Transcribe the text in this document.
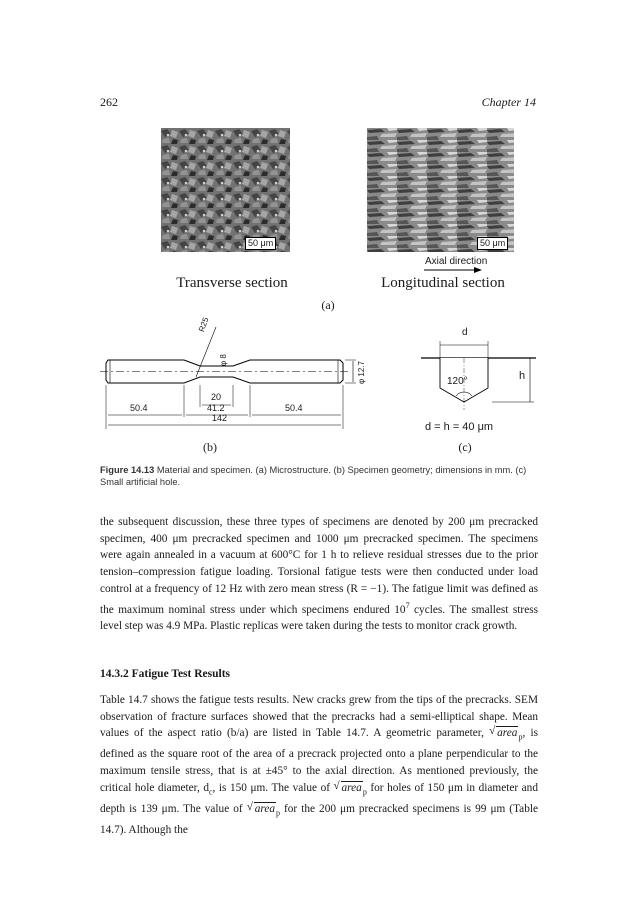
262	Chapter 14
50 μm	50 μm
Axial direction
Transverse section	Longitudinal section
(a)
R25
φ 8
φ 12.7
20
41.2
50.4	50.4
142
(b)
d
h
120°
d = h = 40 μm
(c)
Figure 14.13 Material and specimen. (a) Microstructure. (b) Specimen geometry; dimensions in mm. (c) Small artificial hole.

the subsequent discussion, these three types of specimens are denoted by 200 μm precracked specimen, 400 μm precracked specimen and 1000 μm precracked specimen. The specimens were again annealed in a vacuum at 600°C for 1 h to relieve residual stresses due to the prior tension–compression fatigue loading. Torsional fatigue tests were then conducted under load control at a frequency of 12 Hz with zero mean stress (R = −1). The fatigue limit was defined as the maximum nominal stress under which specimens endured $10^7$ cycles. The smallest stress level step was 4.9 MPa. Plastic replicas were taken during the tests to monitor crack growth.

14.3.2 Fatigue Test Results

Table 14.7 shows the fatigue tests results. New cracks grew from the tips of the precracks. SEM observation of fracture surfaces showed that the precracks had a semi-elliptical shape. Mean values of the aspect ratio (b/a) are listed in Table 14.7. A geometric parameter, √ area$_p$, is defined as the square root of the area of a precrack projected onto a plane perpendicular to the maximum tensile stress, that is at ±45° to the axial direction. As mentioned previously, the critical hole diameter, $d_c$, is 150 μm. The value of √ area$_p$ for holes of 150 μm in diameter and depth is 139 μm. The value of √ area$_p$ for the 200 μm precracked specimens is 99 μm (Table 14.7). Although the
